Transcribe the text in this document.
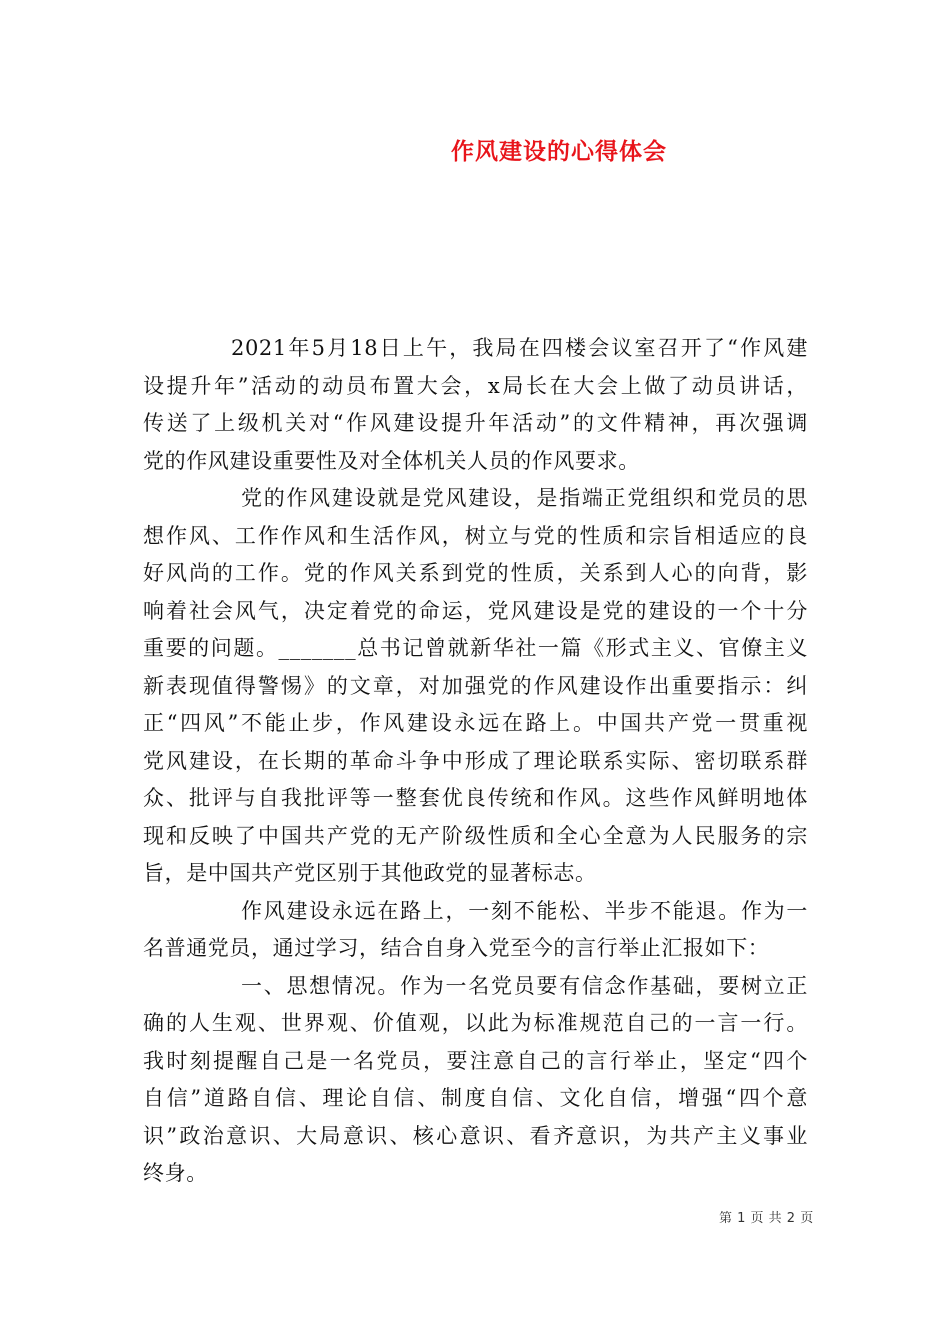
作风建设的心得体会
2021年5月18日上午，我局在四楼会议室召开了“作风建
设提升年”活动的动员布置大会，x局长在大会上做了动员讲话，
传送了上级机关对“作风建设提升年活动”的文件精神，再次强调
党的作风建设重要性及对全体机关人员的作风要求。
党的作风建设就是党风建设，是指端正党组织和党员的思
想作风、工作作风和生活作风，树立与党的性质和宗旨相适应的良
好风尚的工作。党的作风关系到党的性质，关系到人心的向背，影
响着社会风气，决定着党的命运，党风建设是党的建设的一个十分
重要的问题。_______总书记曾就新华社一篇《形式主义、官僚主义
新表现值得警惕》的文章，对加强党的作风建设作出重要指示：纠
正“四风”不能止步，作风建设永远在路上。中国共产党一贯重视
党风建设，在长期的革命斗争中形成了理论联系实际、密切联系群
众、批评与自我批评等一整套优良传统和作风。这些作风鲜明地体
现和反映了中国共产党的无产阶级性质和全心全意为人民服务的宗
旨，是中国共产党区别于其他政党的显著标志。
作风建设永远在路上，一刻不能松、半步不能退。作为一
名普通党员，通过学习，结合自身入党至今的言行举止汇报如下：
一、思想情况。作为一名党员要有信念作基础，要树立正
确的人生观、世界观、价值观，以此为标准规范自己的一言一行。
我时刻提醒自己是一名党员，要注意自己的言行举止，坚定“四个
自信”道路自信、理论自信、制度自信、文化自信，增强“四个意
识”政治意识、大局意识、核心意识、看齐意识，为共产主义事业
终身。
第 1 页 共 2 页
